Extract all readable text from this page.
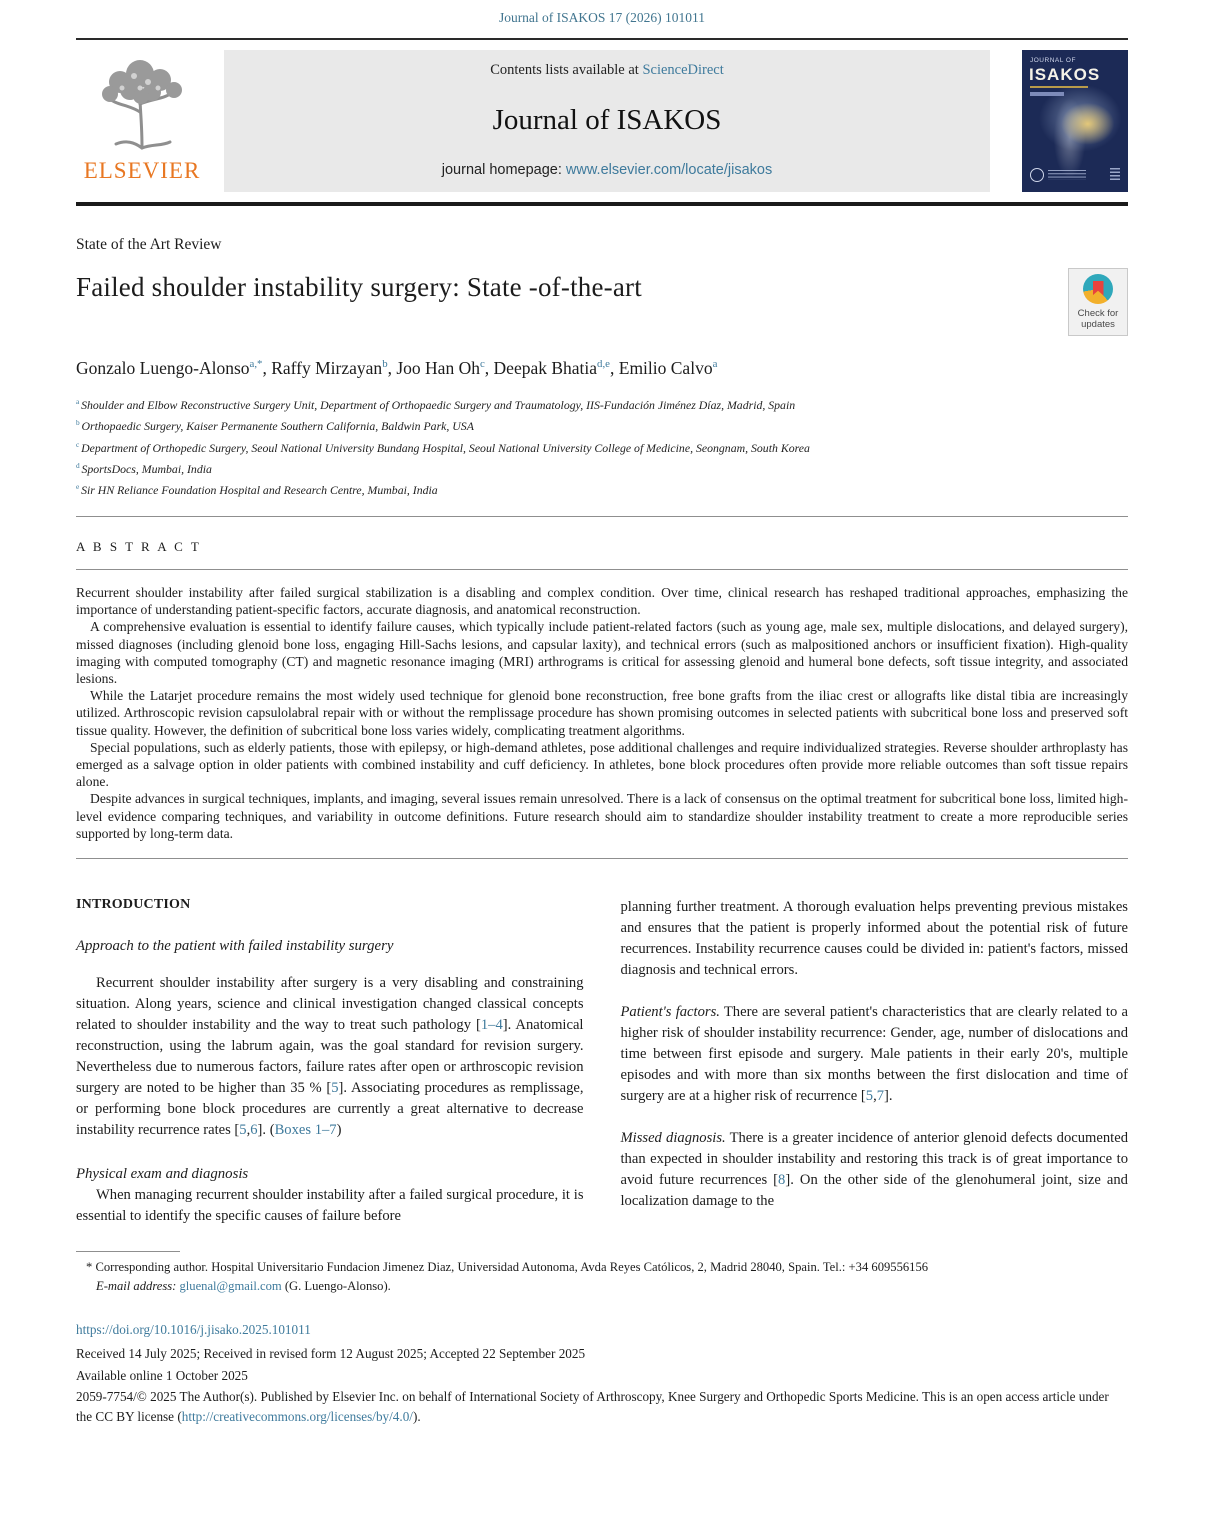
Journal of ISAKOS 17 (2026) 101011
ELSEVIER
Contents lists available at ScienceDirect
Journal of ISAKOS
journal homepage: www.elsevier.com/locate/jisakos
JOURNAL OF
ISAKOS
State of the Art Review
Failed shoulder instability surgery: State -of-the-art
Check for
updates
Gonzalo Luengo-Alonso$^{a,*}$, Raffy Mirzayan$^b$, Joo Han Oh$^c$, Deepak Bhatia$^{d,e}$, Emilio Calvo$^a$
$^a$ Shoulder and Elbow Reconstructive Surgery Unit, Department of Orthopaedic Surgery and Traumatology, IIS-Fundación Jiménez Díaz, Madrid, Spain
$^b$ Orthopaedic Surgery, Kaiser Permanente Southern California, Baldwin Park, USA
$^c$ Department of Orthopedic Surgery, Seoul National University Bundang Hospital, Seoul National University College of Medicine, Seongnam, South Korea
$^d$ SportsDocs, Mumbai, India
$^e$ Sir HN Reliance Foundation Hospital and Research Centre, Mumbai, India
A B S T R A C T

Recurrent shoulder instability after failed surgical stabilization is a disabling and complex condition. Over time, clinical research has reshaped traditional approaches, emphasizing the importance of understanding patient-specific factors, accurate diagnosis, and anatomical reconstruction.

A comprehensive evaluation is essential to identify failure causes, which typically include patient-related factors (such as young age, male sex, multiple dislocations, and delayed surgery), missed diagnoses (including glenoid bone loss, engaging Hill-Sachs lesions, and capsular laxity), and technical errors (such as malpositioned anchors or insufficient fixation). High-quality imaging with computed tomography (CT) and magnetic resonance imaging (MRI) arthrograms is critical for assessing glenoid and humeral bone defects, soft tissue integrity, and associated lesions.

While the Latarjet procedure remains the most widely used technique for glenoid bone reconstruction, free bone grafts from the iliac crest or allografts like distal tibia are increasingly utilized. Arthroscopic revision capsulolabral repair with or without the remplissage procedure has shown promising outcomes in selected patients with subcritical bone loss and preserved soft tissue quality. However, the definition of subcritical bone loss varies widely, complicating treatment algorithms.

Special populations, such as elderly patients, those with epilepsy, or high-demand athletes, pose additional challenges and require individualized strategies. Reverse shoulder arthroplasty has emerged as a salvage option in older patients with combined instability and cuff deficiency. In athletes, bone block procedures often provide more reliable outcomes than soft tissue repairs alone.

Despite advances in surgical techniques, implants, and imaging, several issues remain unresolved. There is a lack of consensus on the optimal treatment for subcritical bone loss, limited high-level evidence comparing techniques, and variability in outcome definitions. Future research should aim to standardize shoulder instability treatment to create a more reproducible series supported by long-term data.

INTRODUCTION
Approach to the patient with failed instability surgery

Recurrent shoulder instability after surgery is a very disabling and constraining situation. Along years, science and clinical investigation changed classical concepts related to shoulder instability and the way to treat such pathology [1–4]. Anatomical reconstruction, using the labrum again, was the goal standard for revision surgery. Nevertheless due to numerous factors, failure rates after open or arthroscopic revision surgery are noted to be higher than 35 % [5]. Associating procedures as remplissage, or performing bone block procedures are currently a great alternative to decrease instability recurrence rates [5,6]. (Boxes 1–7)

Physical exam and diagnosis

When managing recurrent shoulder instability after a failed surgical procedure, it is essential to identify the specific causes of failure before

planning further treatment. A thorough evaluation helps preventing previous mistakes and ensures that the patient is properly informed about the potential risk of future recurrences. Instability recurrence causes could be divided in: patient's factors, missed diagnosis and technical errors.

Patient's factors. There are several patient's characteristics that are clearly related to a higher risk of shoulder instability recurrence: Gender, age, number of dislocations and time between first episode and surgery. Male patients in their early 20's, multiple episodes and with more than six months between the first dislocation and time of surgery are at a higher risk of recurrence [5,7].

Missed diagnosis. There is a greater incidence of anterior glenoid defects documented than expected in shoulder instability and restoring this track is of great importance to avoid future recurrences [8]. On the other side of the glenohumeral joint, size and localization damage to the

* Corresponding author. Hospital Universitario Fundacion Jimenez Diaz, Universidad Autonoma, Avda Reyes Católicos, 2, Madrid 28040, Spain. Tel.: +34 609556156

E-mail address: gluenal@gmail.com (G. Luengo-Alonso).

https://doi.org/10.1016/j.jisako.2025.101011
Received 14 July 2025; Received in revised form 12 August 2025; Accepted 22 September 2025
Available online 1 October 2025
2059-7754/© 2025 The Author(s). Published by Elsevier Inc. on behalf of International Society of Arthroscopy, Knee Surgery and Orthopedic Sports Medicine. This is an open access article under the CC BY license (http://creativecommons.org/licenses/by/4.0/).
